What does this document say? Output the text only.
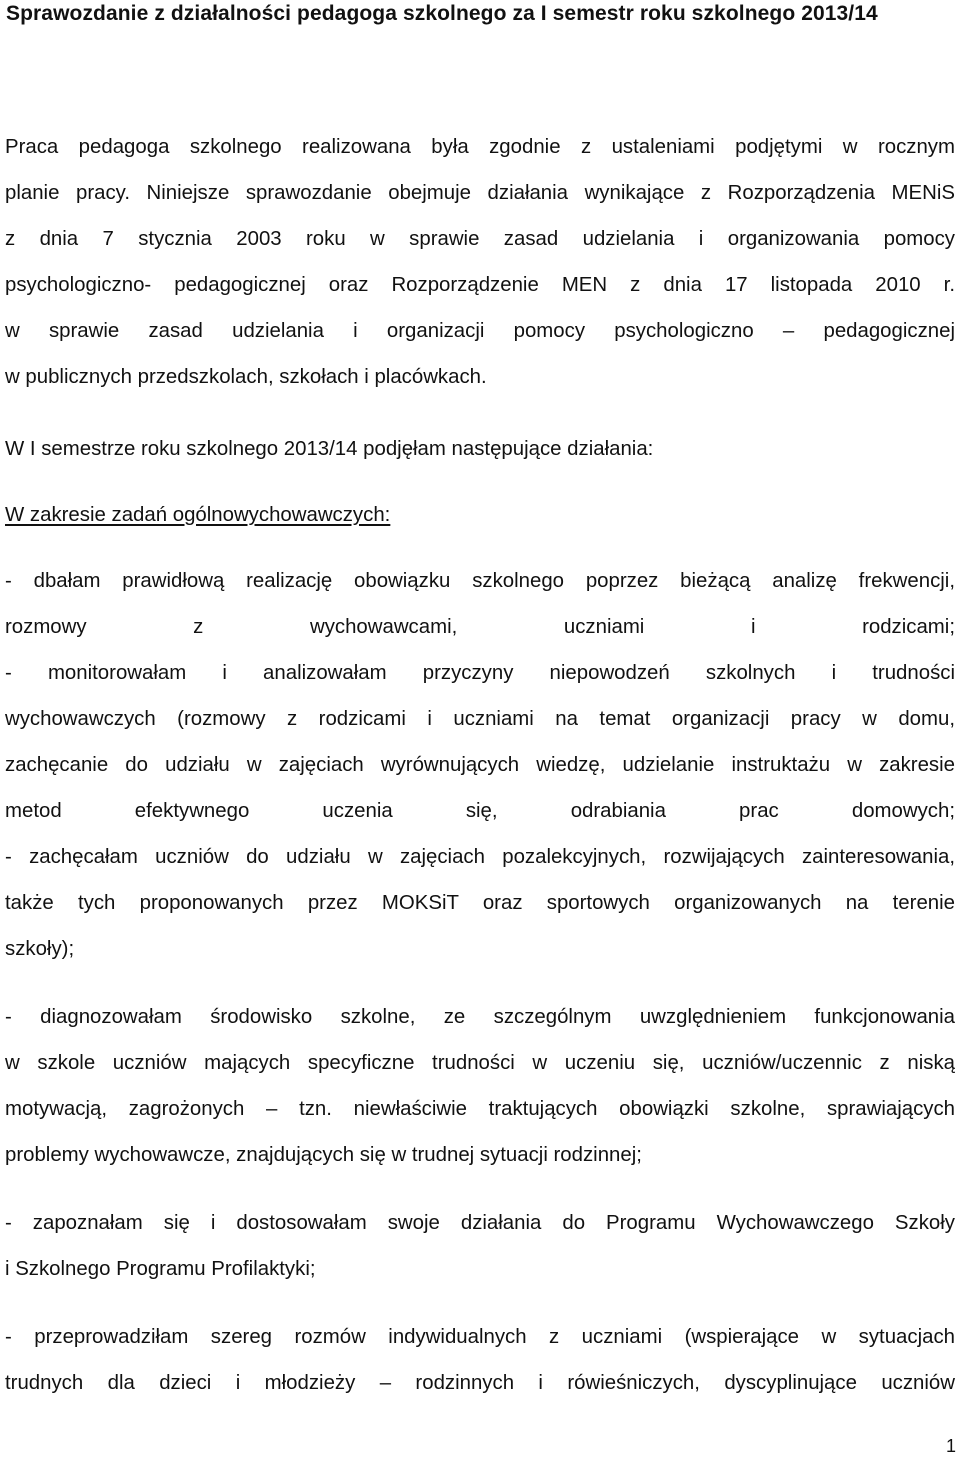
Sprawozdanie z działalności pedagoga szkolnego za I semestr roku szkolnego 2013/14
Praca pedagoga szkolnego realizowana była zgodnie z ustaleniami podjętymi w rocznym
planie pracy. Niniejsze sprawozdanie obejmuje działania wynikające z Rozporządzenia MENiS
z dnia 7 stycznia 2003 roku w sprawie zasad udzielania i organizowania pomocy
psychologiczno- pedagogicznej oraz Rozporządzenie MEN z dnia 17 listopada 2010 r.
w sprawie zasad udzielania i organizacji pomocy psychologiczno – pedagogicznej
w publicznych przedszkolach, szkołach i placówkach.
W I semestrze roku szkolnego 2013/14 podjęłam następujące działania:
W zakresie zadań ogólnowychowawczych:
- dbałam prawidłową realizację obowiązku szkolnego poprzez bieżącą analizę frekwencji,
rozmowy z wychowawcami, uczniami i rodzicami;
- monitorowałam i analizowałam przyczyny niepowodzeń szkolnych i trudności
wychowawczych (rozmowy z rodzicami i uczniami na temat organizacji pracy w domu,
zachęcanie do udziału w zajęciach wyrównujących wiedzę, udzielanie instruktażu w zakresie
metod efektywnego uczenia się, odrabiania prac domowych;
- zachęcałam uczniów do udziału w zajęciach pozalekcyjnych, rozwijających zainteresowania,
także tych proponowanych przez MOKSiT oraz sportowych organizowanych na terenie
szkoły);
- diagnozowałam środowisko szkolne, ze szczególnym uwzględnieniem funkcjonowania
w szkole uczniów mających specyficzne trudności w uczeniu się, uczniów/uczennic z niską
motywacją, zagrożonych – tzn. niewłaściwie traktujących obowiązki szkolne, sprawiających
problemy wychowawcze, znajdujących się w trudnej sytuacji rodzinnej;
- zapoznałam się i dostosowałam swoje działania do Programu Wychowawczego Szkoły
i Szkolnego Programu Profilaktyki;
- przeprowadziłam szereg rozmów indywidualnych z uczniami (wspierające w sytuacjach
trudnych dla dzieci i młodzieży – rodzinnych i rówieśniczych, dyscyplinujące uczniów
1
